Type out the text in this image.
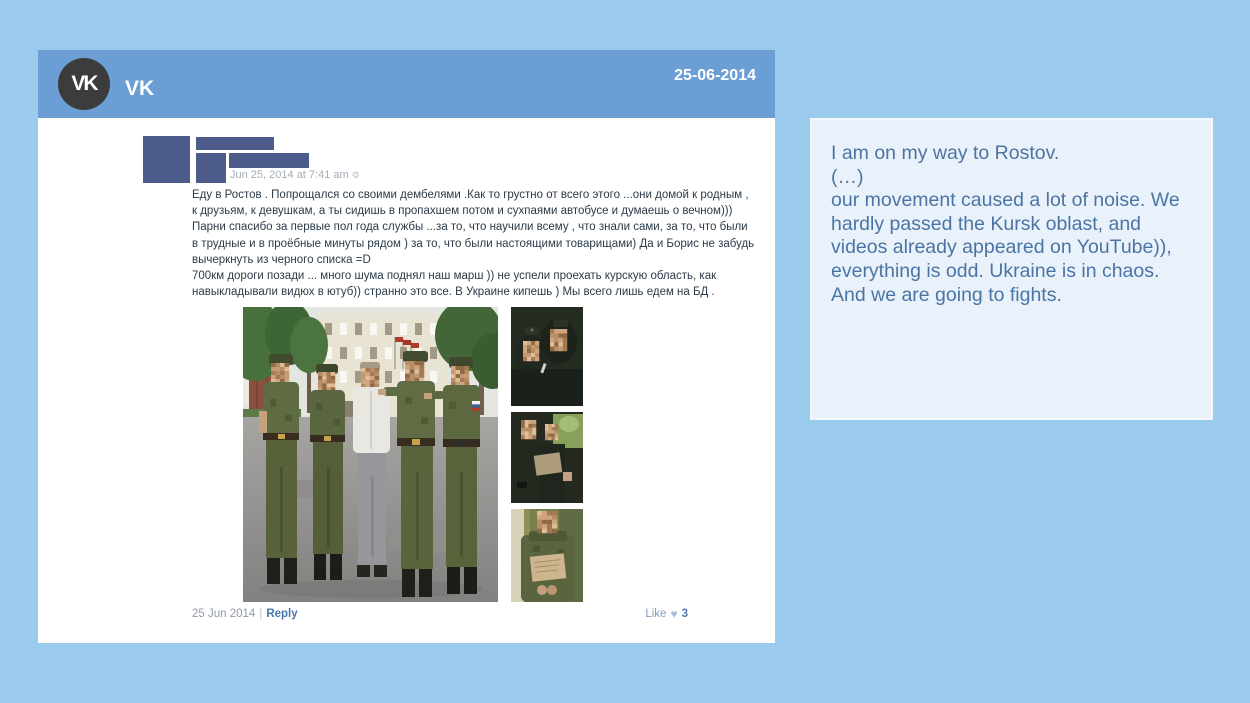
VK VK
25-06-2014
Jun 25, 2014 at 7:41 am ⚙
Еду в Ростов . Попрощался со своими дембелями .Как то грустно от всего этого ...они домой к родным ,
к друзьям, к девушкам, а ты сидишь в пропахшем потом и сухпаями автобусе и думаешь о вечном)))
Парни спасибо за первые пол года службы ...за то, что научили всему , что знали сами, за то, что были
в трудные и в проёбные минуты рядом ) за то, что были настоящими товарищами) Да и Борис не забудь
вычеркнуть из черного списка =D
700км дороги позади ... много шума поднял наш марш )) не успели проехать курскую область, как
навыкладывали видюх в ютуб)) странно это все. В Украине кипешь ) Мы всего лишь едем на БД .
25 Jun 2014 | Reply	Like ♥ 3
I am on my way to Rostov.
(…)
our movement caused a lot of noise. We
hardly passed the Kursk oblast, and
videos already appeared on YouTube)),
everything is odd. Ukraine is in chaos.
And we are going to fights.
